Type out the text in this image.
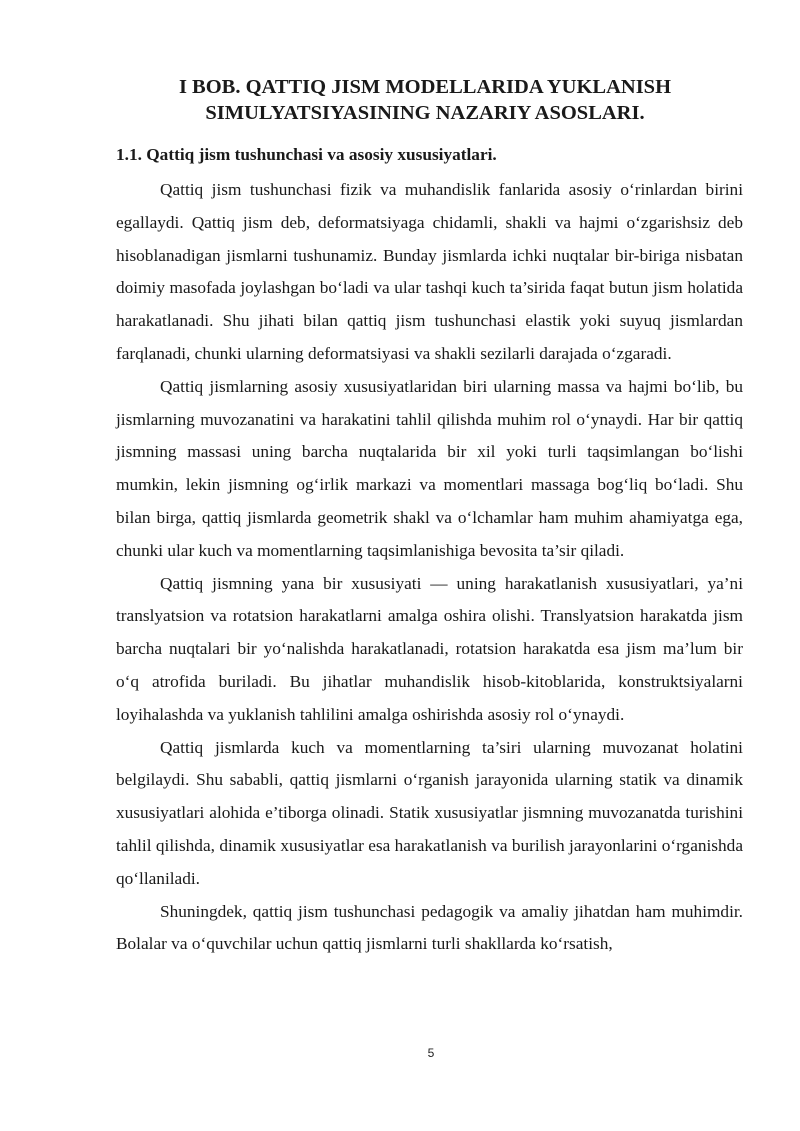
I BOB. QATTIQ JISM MODELLARIDA YUKLANISH SIMULYATSIYASINING NAZARIY ASOSLARI.
1.1. Qattiq jism tushunchasi va asosiy xususiyatlari.

Qattiq jism tushunchasi fizik va muhandislik fanlarida asosiy o‘rinlardan birini egallaydi. Qattiq jism deb, deformatsiyaga chidamli, shakli va hajmi o‘zgarishsiz deb hisoblanadigan jismlarni tushunamiz. Bunday jismlarda ichki nuqtalar bir-biriga nisbatan doimiy masofada joylashgan bo‘ladi va ular tashqi kuch ta’sirida faqat butun jism holatida harakatlanadi. Shu jihati bilan qattiq jism tushunchasi elastik yoki suyuq jismlardan farqlanadi, chunki ularning deformatsiyasi va shakli sezilarli darajada o‘zgaradi.

Qattiq jismlarning asosiy xususiyatlaridan biri ularning massa va hajmi bo‘lib, bu jismlarning muvozanatini va harakatini tahlil qilishda muhim rol o‘ynaydi. Har bir qattiq jismning massasi uning barcha nuqtalarida bir xil yoki turli taqsimlangan bo‘lishi mumkin, lekin jismning og‘irlik markazi va momentlari massaga bog‘liq bo‘ladi. Shu bilan birga, qattiq jismlarda geometrik shakl va o‘lchamlar ham muhim ahamiyatga ega, chunki ular kuch va momentlarning taqsimlanishiga bevosita ta’sir qiladi.

Qattiq jismning yana bir xususiyati — uning harakatlanish xususiyatlari, ya’ni translyatsion va rotatsion harakatlarni amalga oshira olishi. Translyatsion harakatda jism barcha nuqtalari bir yo‘nalishda harakatlanadi, rotatsion harakatda esa jism ma’lum bir o‘q atrofida buriladi. Bu jihatlar muhandislik hisob-kitoblarida, konstruktsiyalarni loyihalashda va yuklanish tahlilini amalga oshirishda asosiy rol o‘ynaydi.

Qattiq jismlarda kuch va momentlarning ta’siri ularning muvozanat holatini belgilaydi. Shu sababli, qattiq jismlarni o‘rganish jarayonida ularning statik va dinamik xususiyatlari alohida e’tiborga olinadi. Statik xususiyatlar jismning muvozanatda turishini tahlil qilishda, dinamik xususiyatlar esa harakatlanish va burilish jarayonlarini o‘rganishda qo‘llaniladi.

Shuningdek, qattiq jism tushunchasi pedagogik va amaliy jihatdan ham muhimdir. Bolalar va o‘quvchilar uchun qattiq jismlarni turli shakllarda ko‘rsatish,

5
